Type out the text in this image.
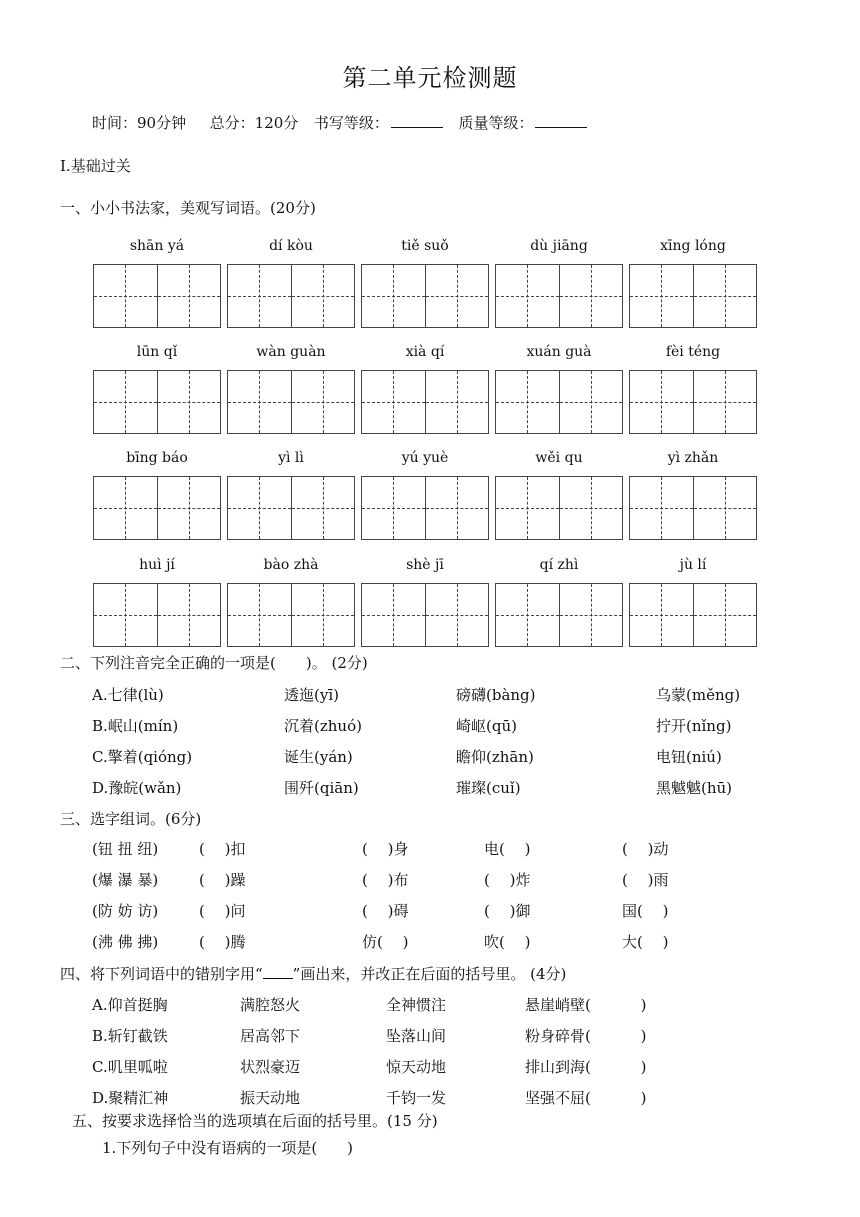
第二单元检测题
时间：90分钟 总分：120分 书写等级：	质量等级：
Ⅰ.基础过关
一、小小书法家，美观写词语。(20分)
shān yá	dí kòu	tiě suǒ	dù jiāng	xīng lóng
lūn qǐ	wàn guàn	xià qí	xuán guà	fèi téng
bīng báo	yì lì	yú yuè	wěi qu	yì zhǎn
huì jí	bào zhà	shè jī	qí zhì	jù lí
二、下列注音完全正确的一项是(　　)。 (2分)
A.七律(lù)	透迤(yī)	磅礴(bàng)	乌蒙(měng)
B.岷山(mín)	沉着(zhuó)	崎岖(qū)	拧开(nǐng)
C.擎着(qióng)	诞生(yán)	瞻仰(zhān)	电钮(niú)
D.豫皖(wǎn)	围歼(qiān)	璀璨(cuǐ)	黑魆魆(hū)
三、选字组词。(6分)
(钮 扭 纽)	(　 )扣	(　 )身	电(　 )	(　 )动
(爆 瀑 暴)	(　 )躁	(　 )布	(　 )炸	(　 )雨
(防 妨 访)	(　 )问	(　 )碍	(　 )御	国(　 )
(沸 佛 拂)	(　 )腾	仿(　 )	吹(　 )	大(　 )
四、将下列词语中的错别字用“ ”画出来，并改正在后面的括号里。 (4分)
A.仰首挺胸	满腔怒火	全神惯注	悬崖峭壁(　　　 )
B.斩钉截铁	居高邻下	坠落山间	粉身碎骨(　　　 )
C.叽里呱啦	状烈豪迈	惊天动地	排山到海(　　　 )
D.聚精汇神	振天动地	千钧一发	坚强不屈(　　　 )
五、按要求选择恰当的选项填在后面的括号里。(15 分)
1.下列句子中没有语病的一项是(　　)
